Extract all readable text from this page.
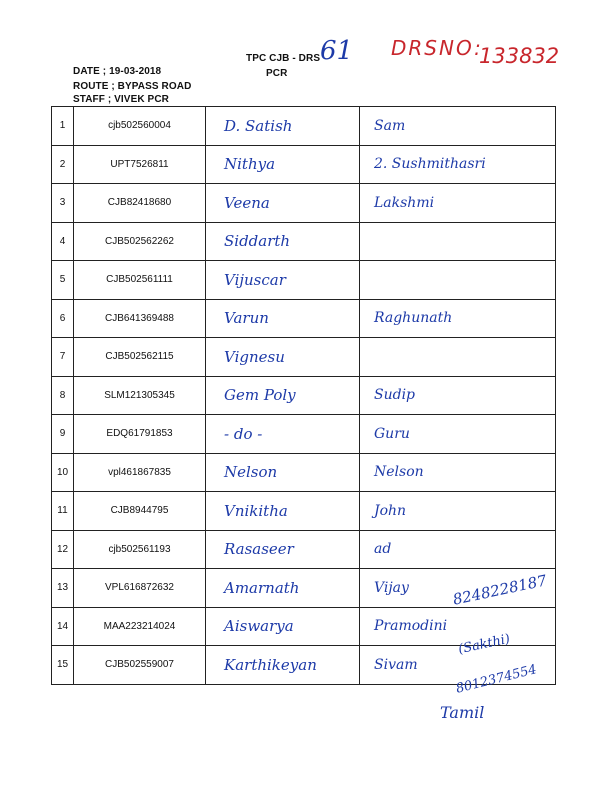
DATE ; 19-03-2018
ROUTE ; BYPASS ROAD
STAFF ; VIVEK PCR
TPC CJB - DRS
PCR
61 DRSNO:
133832
1	cjb502560004	D. Satish	Sam
2	UPT7526811	Nithya	2. Sushmithasri
3	CJB82418680	Veena	Lakshmi
4	CJB502562262	Siddarth	
5	CJB502561111	Vijuscar	
6	CJB641369488	Varun	Raghunath
7	CJB502562115	Vignesu	
8	SLM121305345	Gem Poly	Sudip
9	EDQ61791853	- do -	Guru
10	vpl461867835	Nelson	Nelson
11	CJB8944795	Vnikitha	John
12	cjb502561193	Rasaseer	ad
13	VPL616872632	Amarnath	Vijay
14	MAA223214024	Aiswarya	Pramodini
15	CJB502559007	Karthikeyan	Sivam
8248228187
(Sakthi)
8012374554
Tamil
